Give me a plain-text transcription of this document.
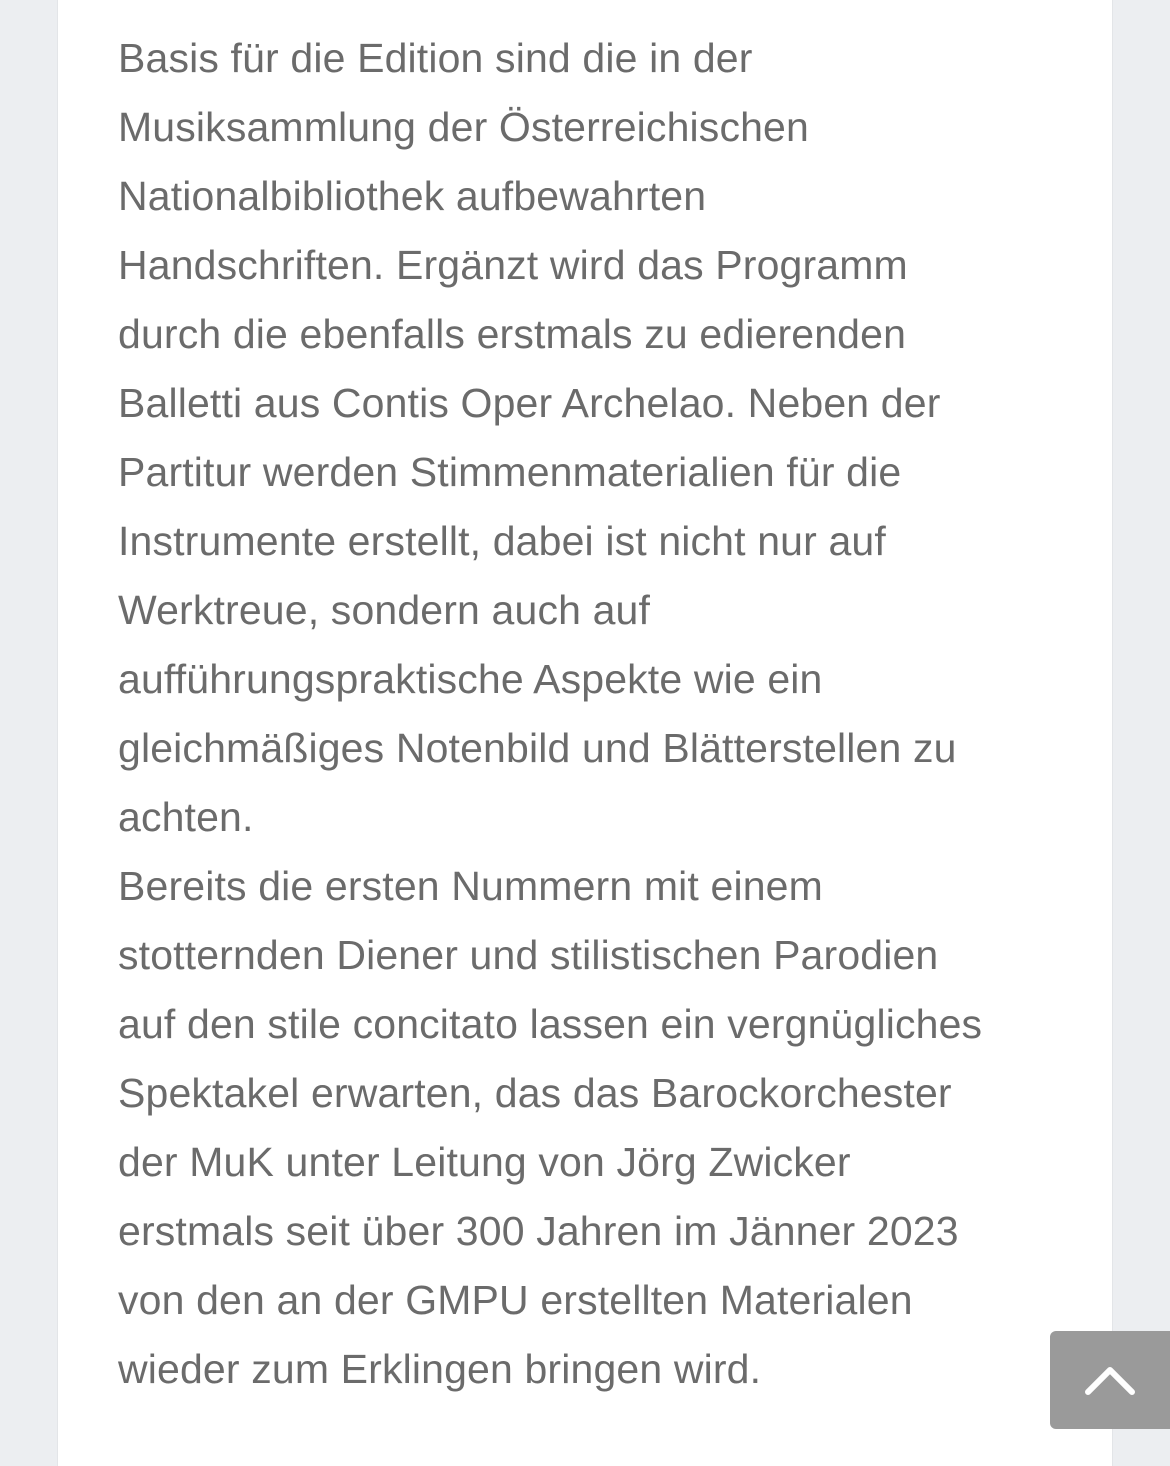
Basis für die Edition sind die in der
Musiksammlung der Österreichischen
Nationalbibliothek aufbewahrten
Handschriften. Ergänzt wird das Programm
durch die ebenfalls erstmals zu edierenden
Balletti aus Contis Oper Archelao. Neben der
Partitur werden Stimmenmaterialien für die
Instrumente erstellt, dabei ist nicht nur auf
Werktreue, sondern auch auf
aufführungspraktische Aspekte wie ein
gleichmäßiges Notenbild und Blätterstellen zu
achten.

Bereits die ersten Nummern mit einem
stotternden Diener und stilistischen Parodien
auf den stile concitato lassen ein vergnügliches
Spektakel erwarten, das das Barockorchester
der MuK unter Leitung von Jörg Zwicker
erstmals seit über 300 Jahren im Jänner 2023
von den an der GMPU erstellten Materialen
wieder zum Erklingen bringen wird.
